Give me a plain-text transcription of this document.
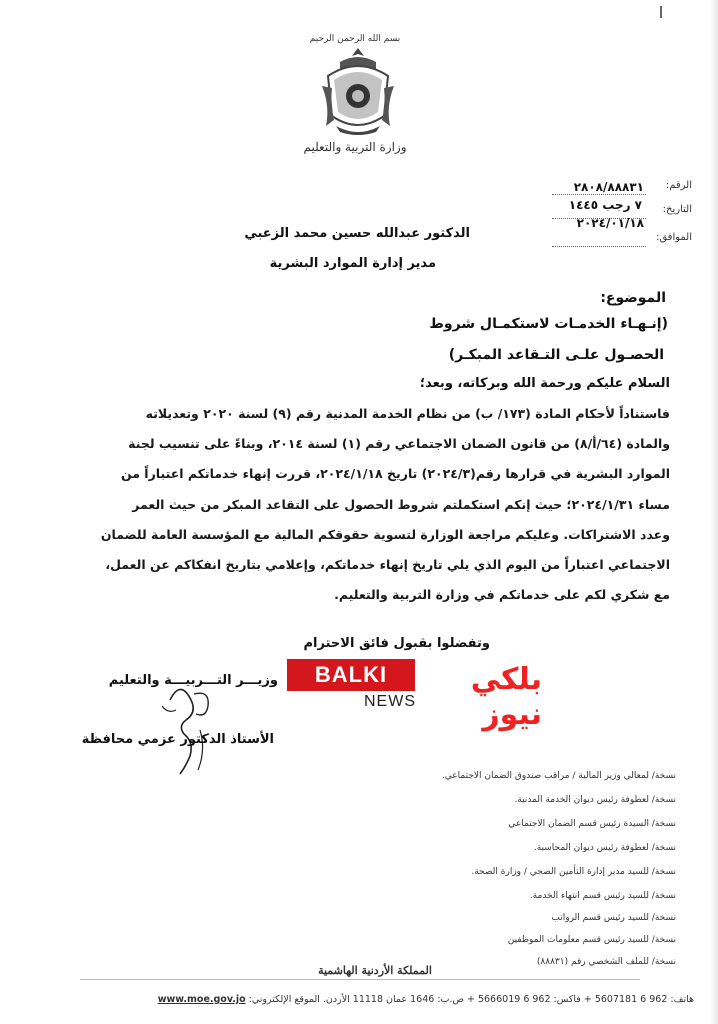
بسم الله الرحمن الرحيم
وزارة التربية والتعليم
الرقم:
٢٨٠٨/٨٨٨٣١
التاريخ:
٧ رجب ١٤٤٥
٢٠٢٤/٠١/١٨
الموافق:
الدكتور عبدالله حسين محمد الزعبي
مدير إدارة الموارد البشرية
الموضوع:
(إنـهـاء الخدمـات لاستكمـال شروط
الحصـول علـى التـقاعد المبكـر)
السلام عليكم ورحمة الله وبركاته، وبعد؛
فاستناداً لأحكام المادة (١٧٣/ ب) من نظام الخدمة المدنية رقم (٩) لسنة ٢٠٢٠ وتعديلاته
والمادة (٦٤/أ/٨) من قانون الضمان الاجتماعي رقم (١) لسنة ٢٠١٤، وبناءً على تنسيب لجنة
الموارد البشرية في قرارها رقم(٢٠٢٤/٣) تاريخ ٢٠٢٤/١/١٨، قررت إنهاء خدماتكم اعتباراً من
مساء ٢٠٢٤/١/٣١؛ حيث إنكم استكملتم شروط الحصول على التقاعد المبكر من حيث العمر
وعدد الاشتراكات. وعليكم مراجعة الوزارة لتسوية حقوقكم المالية مع المؤسسة العامة للضمان
الاجتماعي اعتباراً من اليوم الذي يلي تاريخ إنهاء خدماتكم، وإعلامي بتاريخ انفكاكم عن العمل،
مع شكري لكم على خدماتكم في وزارة التربية والتعليم.
وتفضلوا بقبول فائق الاحترام
وزيـــر التـــربيـــة والتعليم
الأستاذ الدكتور عزمي محافظة
BALKI
NEWS
بلكي نيوز
نسخة/ لمعالي وزير المالية / مراقب صندوق الضمان الاجتماعي.
نسخة/ لعطوفة رئيس ديوان الخدمة المدنية.
نسخة/ السيدة رئيس قسم الضمان الاجتماعي
نسخة/ لعطوفة رئيس ديوان المحاسبة.
نسخة/ للسيد مدير إدارة التأمين الصحي / وزارة الصحة.
نسخة/ للسيد رئيس قسم انتهاء الخدمة.
نسخة/ للسيد رئيس قسم الرواتب
نسخة/ للسيد رئيس قسم معلومات الموظفين
نسخة/ للملف الشخصي رقم (٨٨٨٣١)
المملكة الأردنية الهاشمية
هاتف: 962 6 5607181 + فاكس: 962 6 5666019 + ص.ب: 1646 عمان 11118 الأردن. الموقع الإلكتروني: www.moe.gov.jo
